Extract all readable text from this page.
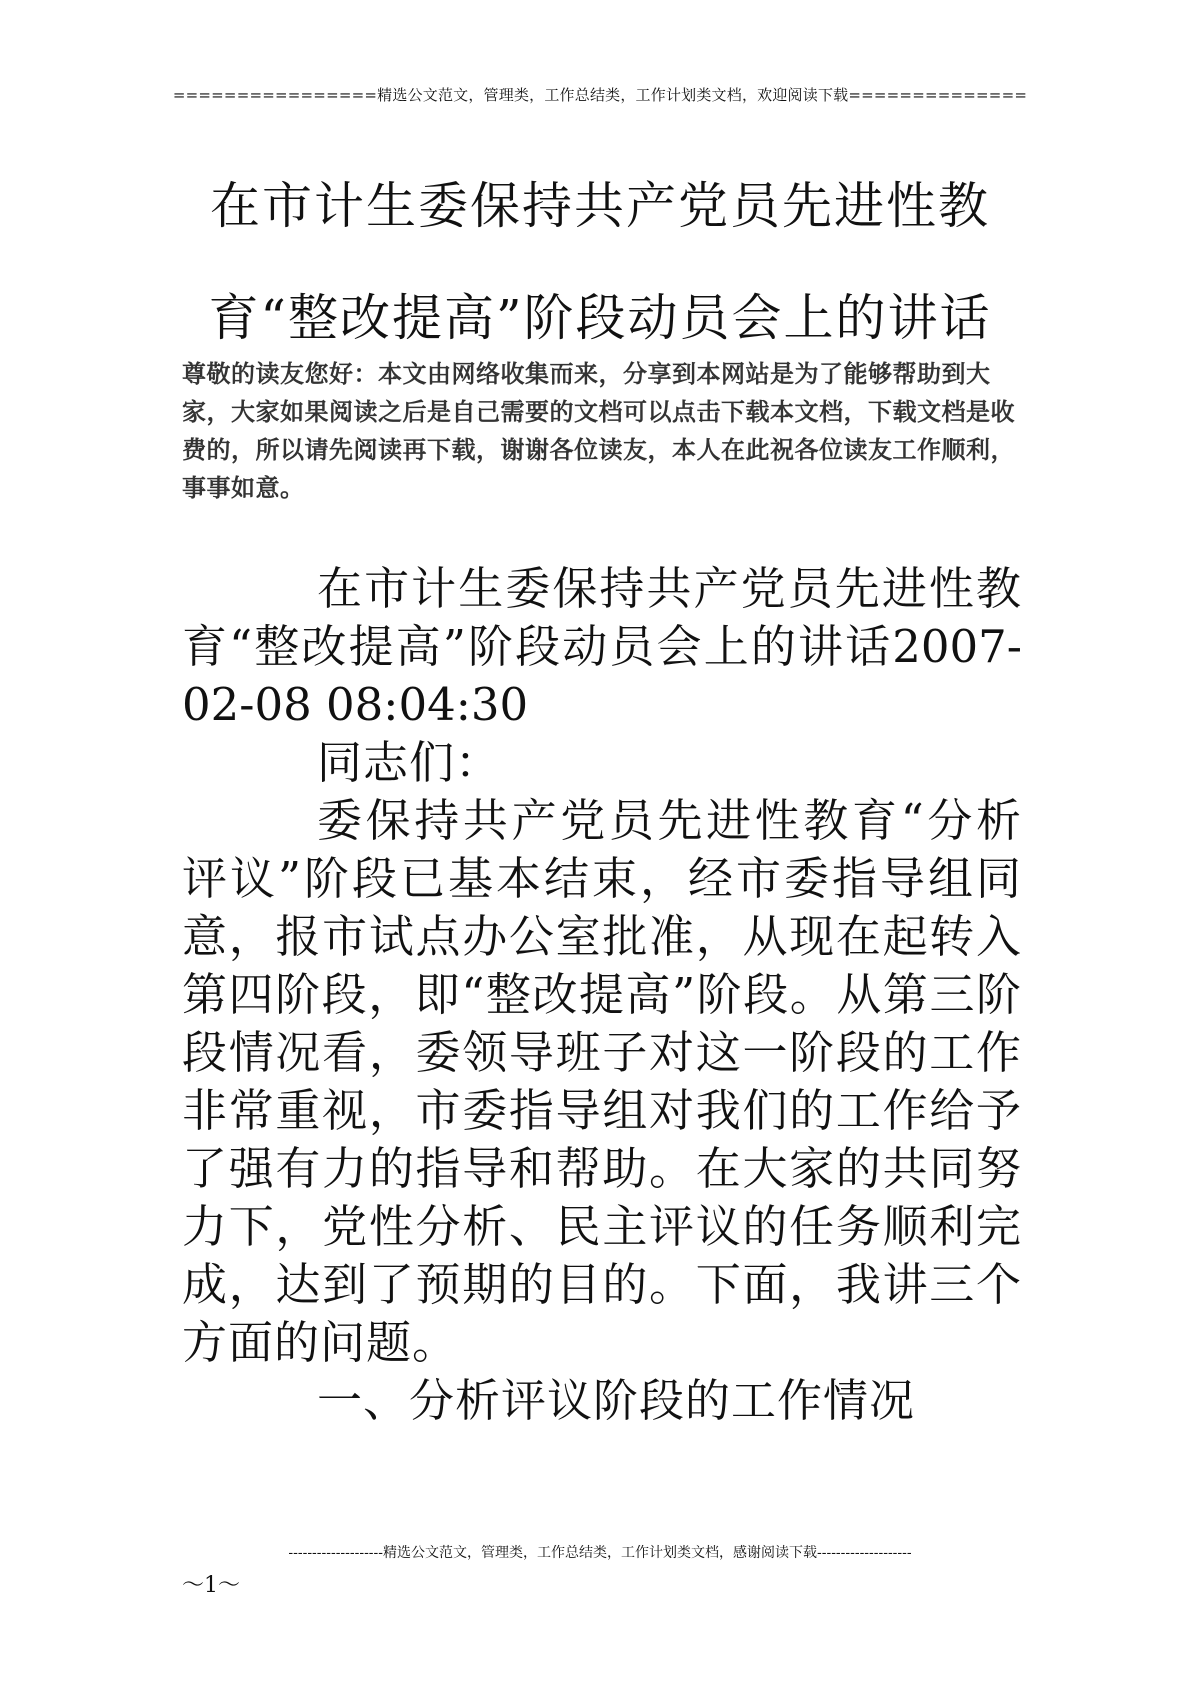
================精选公文范文，管理类，工作总结类，工作计划类文档，欢迎阅读下载==============
在市计生委保持共产党员先进性教
育“整改提高”阶段动员会上的讲话
尊敬的读友您好：本文由网络收集而来，分享到本网站是为了能够帮助到大家，大家如果阅读之后是自己需要的文档可以点击下载本文档，下载文档是收费的，所以请先阅读再下载，谢谢各位读友，本人在此祝各位读友工作顺利，事事如意。

在市计生委保持共产党员先进性教育“整改提高”阶段动员会上的讲话2007-02-08 08:04:30

同志们：

委保持共产党员先进性教育“分析评议”阶段已基本结束，经市委指导组同意，报市试点办公室批准，从现在起转入第四阶段，即“整改提高”阶段。从第三阶段情况看，委领导班子对这一阶段的工作非常重视，市委指导组对我们的工作给予了强有力的指导和帮助。在大家的共同努力下，党性分析、民主评议的任务顺利完成，达到了预期的目的。下面，我讲三个方面的问题。

一、分析评议阶段的工作情况

--------------------精选公文范文，管理类，工作总结类，工作计划类文档，感谢阅读下载--------------------
～1～
